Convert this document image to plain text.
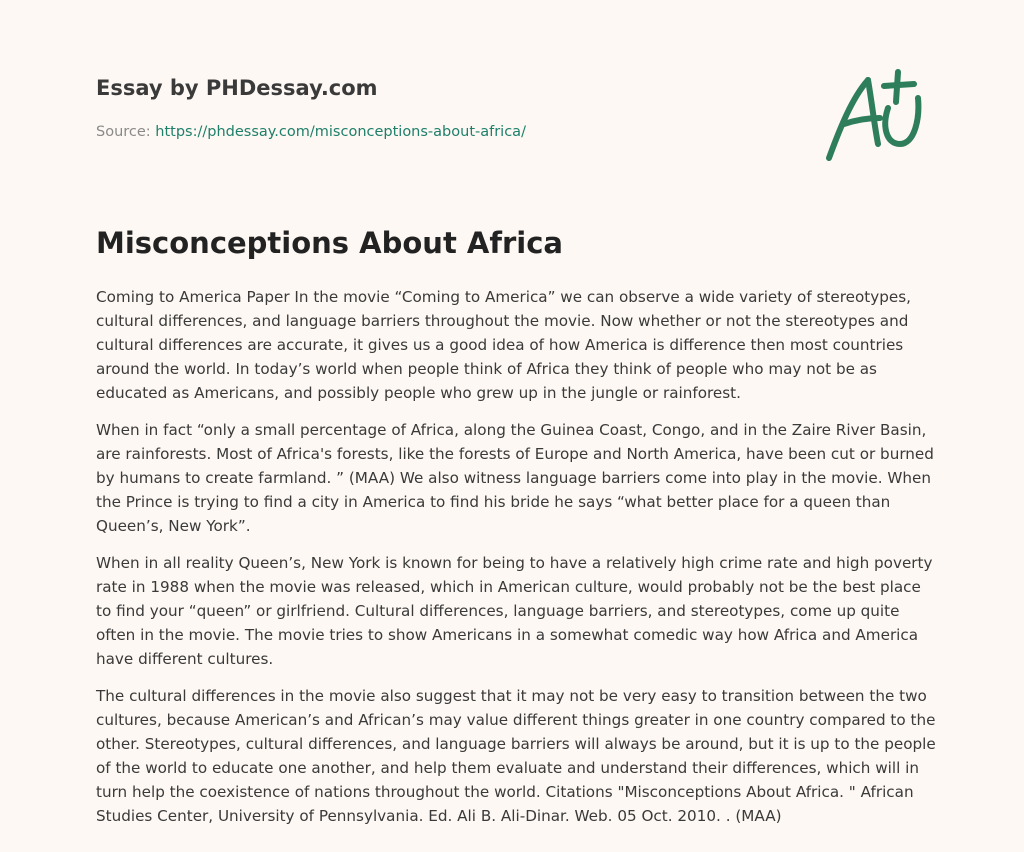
Essay by PHDessay.com

Source: https://phdessay.com/misconceptions-about-africa/

Misconceptions About Africa

Coming to America Paper In the movie “Coming to America” we can observe a wide variety of stereotypes, cultural differences, and language barriers throughout the movie. Now whether or not the stereotypes and cultural differences are accurate, it gives us a good idea of how America is difference then most countries around the world. In today’s world when people think of Africa they think of people who may not be as educated as Americans, and possibly people who grew up in the jungle or rainforest.

When in fact “only a small percentage of Africa, along the Guinea Coast, Congo, and in the Zaire River Basin, are rainforests. Most of Africa's forests, like the forests of Europe and North America, have been cut or burned by humans to create farmland. ” (MAA) We also witness language barriers come into play in the movie. When the Prince is trying to find a city in America to find his bride he says “what better place for a queen than Queen’s, New York”.

When in all reality Queen’s, New York is known for being to have a relatively high crime rate and high poverty rate in 1988 when the movie was released, which in American culture, would probably not be the best place to find your “queen” or girlfriend. Cultural differences, language barriers, and stereotypes, come up quite often in the movie. The movie tries to show Americans in a somewhat comedic way how Africa and America have different cultures.

The cultural differences in the movie also suggest that it may not be very easy to transition between the two cultures, because American’s and African’s may value different things greater in one country compared to the other. Stereotypes, cultural differences, and language barriers will always be around, but it is up to the people of the world to educate one another, and help them evaluate and understand their differences, which will in turn help the coexistence of nations throughout the world. Citations "Misconceptions About Africa. " African Studies Center, University of Pennsylvania. Ed. Ali B. Ali-Dinar. Web. 05 Oct. 2010. . (MAA)
